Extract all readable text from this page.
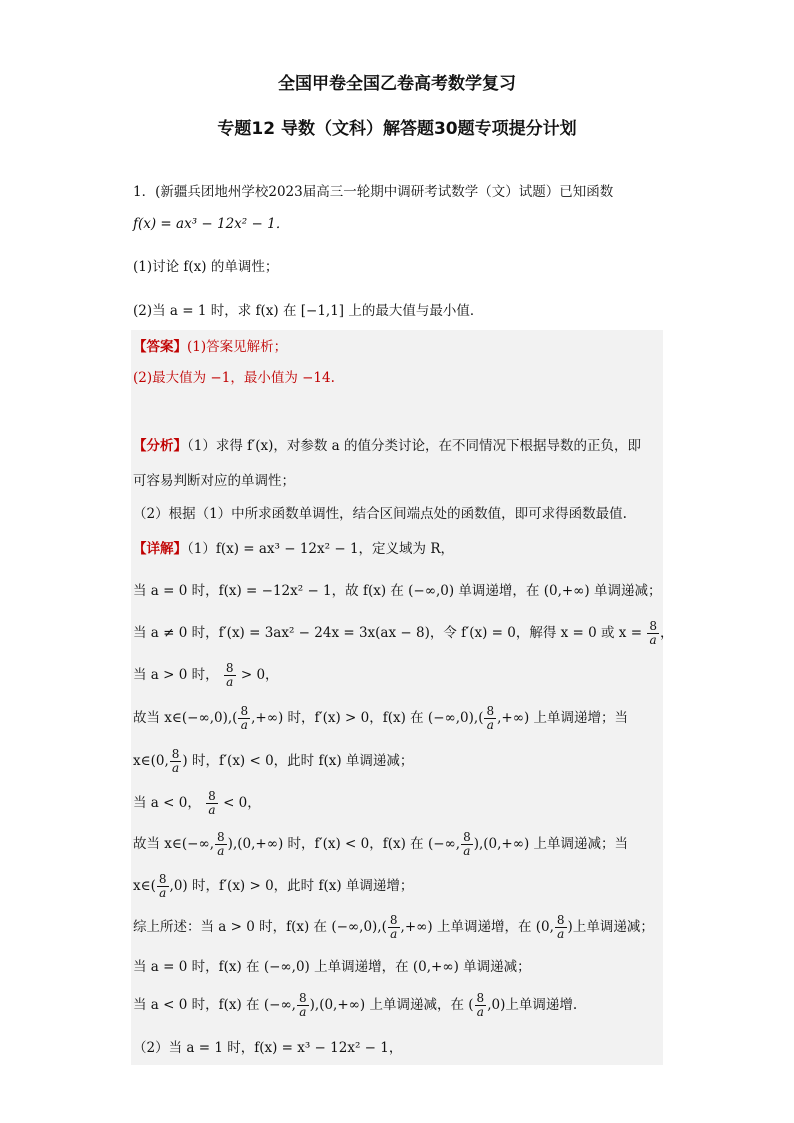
全国甲卷全国乙卷高考数学复习
专题12 导数（文科）解答题30题专项提分计划
1．(新疆兵团地州学校2023届高三一轮期中调研考试数学（文）试题）已知函数
f(x) = ax³ − 12x² − 1．
(1)讨论 f(x) 的单调性；
(2)当 a = 1 时，求 f(x) 在 [−1,1] 上的最大值与最小值．
【答案】(1)答案见解析；
(2)最大值为 −1，最小值为 −14.
【分析】（1）求得 f′(x)，对参数 a 的值分类讨论，在不同情况下根据导数的正负，即
可容易判断对应的单调性；
（2）根据（1）中所求函数单调性，结合区间端点处的函数值，即可求得函数最值.
【详解】（1）f(x) = ax³ − 12x² − 1，定义域为 R，
当 a = 0 时，f(x) = −12x² − 1，故 f(x) 在 (−∞,0) 单调递增，在 (0,+∞) 单调递减；
当 a ≠ 0 时，f′(x) = 3ax² − 24x = 3x(ax − 8)，令 f′(x) = 0，解得 x = 0 或 $x = \frac{8}{a}$ ，
当 a > 0 时， $\frac{8}{a} > 0$，
故当 x∈(−∞,0),( $\frac{8}{a}$ ,+∞) 时，f′(x) > 0，f(x) 在 $(-\infty,0),( \frac{8}{a}$ ,+∞) 上单调递增；当
x∈(0, $\frac{8}{a}$ ) 时，f′(x) < 0，此时 f(x) 单调递减；
当 a < 0， $\frac{8}{a} < 0$，
故当 x∈(−∞, $\frac{8}{a} ),(0,+\infty)$ 时，f′(x) < 0，f(x) 在 (−∞, $\frac{8}{a} ),(0,+\infty)$ 上单调递减；当
x∈( $\frac{8}{a} ,0$) 时，f′(x) > 0，此时 f(x) 单调递增；
综上所述：当 a > 0 时，f(x) 在 $(-\infty,0),( \frac{8}{a}$ ,+∞) 上单调递增，在 (0, $\frac{8}{a}$ )上单调递减；
当 a = 0 时，f(x) 在 (−∞,0) 上单调递增，在 (0,+∞) 单调递减；
当 a < 0 时，f(x) 在 (−∞, $\frac{8}{a} ),(0,+\infty)$ 上单调递减，在 ( $\frac{8}{a} ,0$)上单调递增.
（2）当 a = 1 时，f(x) = x³ − 12x² − 1，
